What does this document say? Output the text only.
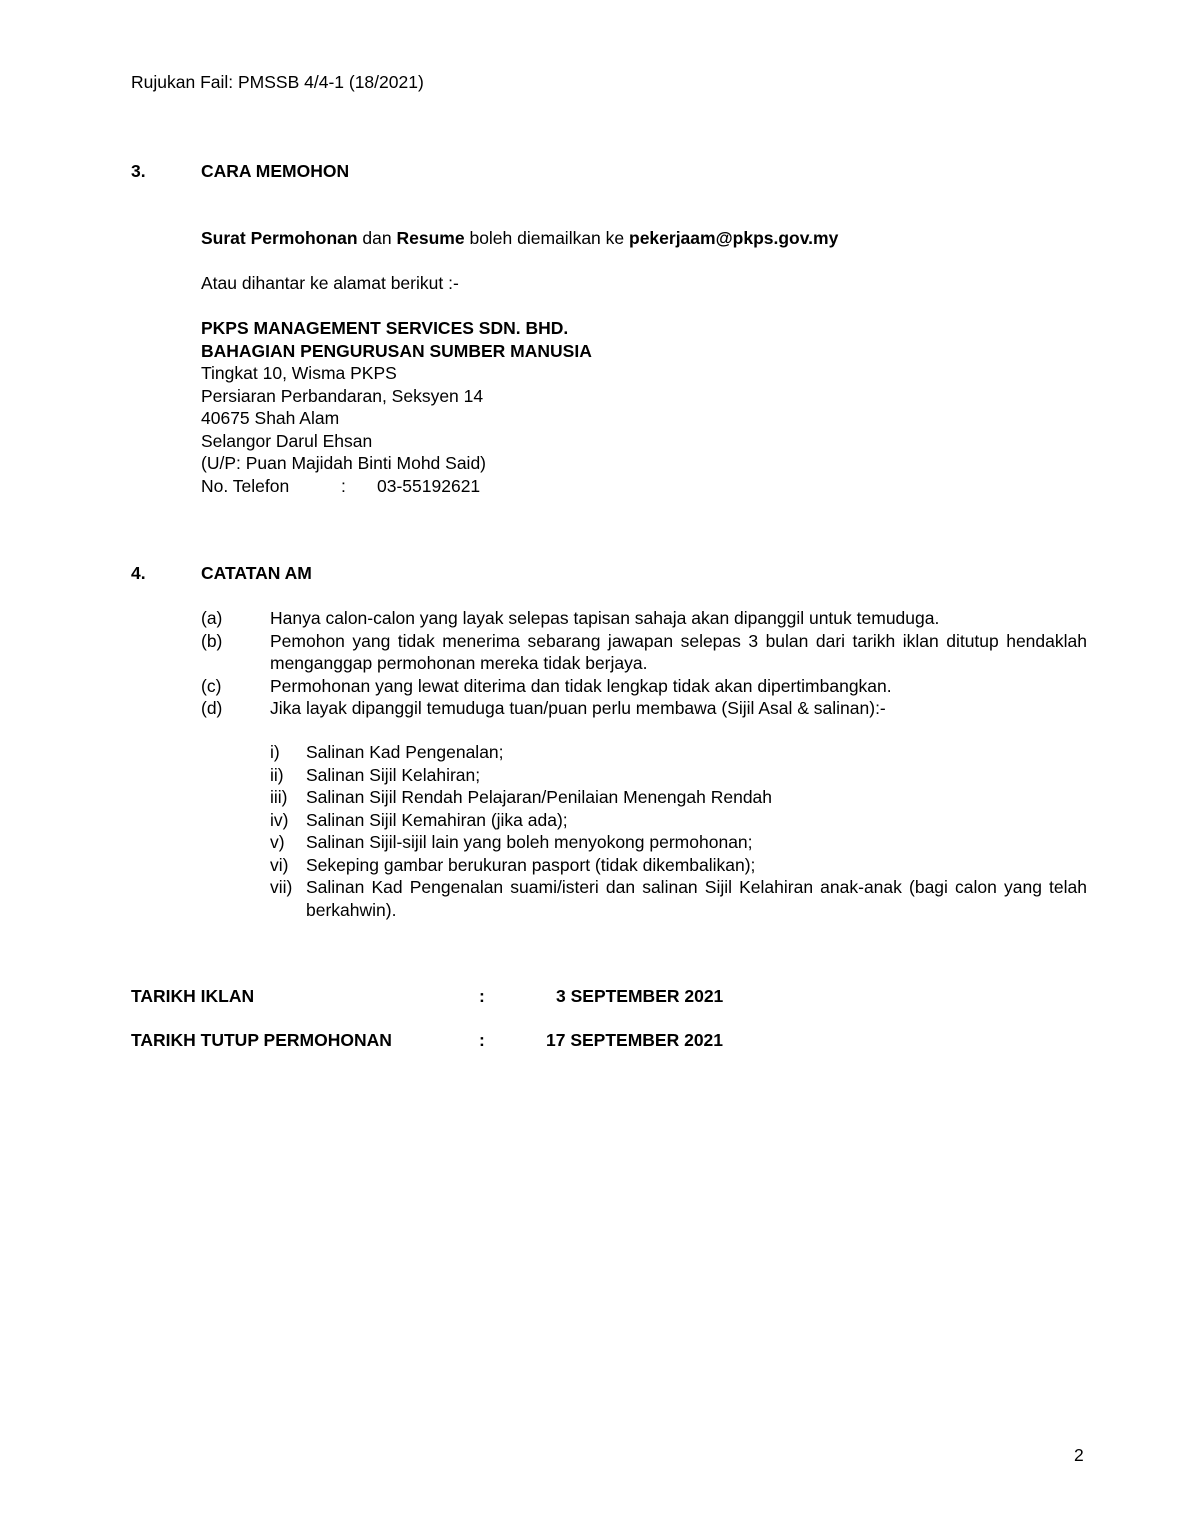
Rujukan Fail: PMSSB 4/4-1 (18/2021)
3.	CARA MEMOHON
Surat Permohonan dan Resume boleh diemailkan ke pekerjaam@pkps.gov.my
Atau dihantar ke alamat berikut :-
PKPS MANAGEMENT SERVICES SDN. BHD.
BAHAGIAN PENGURUSAN SUMBER MANUSIA
Tingkat 10, Wisma PKPS
Persiaran Perbandaran, Seksyen 14
40675 Shah Alam
Selangor Darul Ehsan
(U/P: Puan Majidah Binti Mohd Said)
No. Telefon	: 03-55192621
4.	CATATAN AM
(a)	Hanya calon-calon yang layak selepas tapisan sahaja akan dipanggil untuk temuduga.
(b)	Pemohon yang tidak menerima sebarang jawapan selepas 3 bulan dari tarikh iklan ditutup hendaklah menganggap permohonan mereka tidak berjaya.
(c)	Permohonan yang lewat diterima dan tidak lengkap tidak akan dipertimbangkan.
(d)	Jika layak dipanggil temuduga tuan/puan perlu membawa (Sijil Asal & salinan):-
i) Salinan Kad Pengenalan;
ii) Salinan Sijil Kelahiran;
iii) Salinan Sijil Rendah Pelajaran/Penilaian Menengah Rendah
iv) Salinan Sijil Kemahiran (jika ada);
v) Salinan Sijil-sijil lain yang boleh menyokong permohonan;
vi) Sekeping gambar berukuran pasport (tidak dikembalikan);
vii) Salinan Kad Pengenalan suami/isteri dan salinan Sijil Kelahiran anak-anak (bagi calon yang telah berkahwin).
TARIKH IKLAN	:	3 SEPTEMBER 2021
TARIKH TUTUP PERMOHONAN	:	17 SEPTEMBER 2021
2
